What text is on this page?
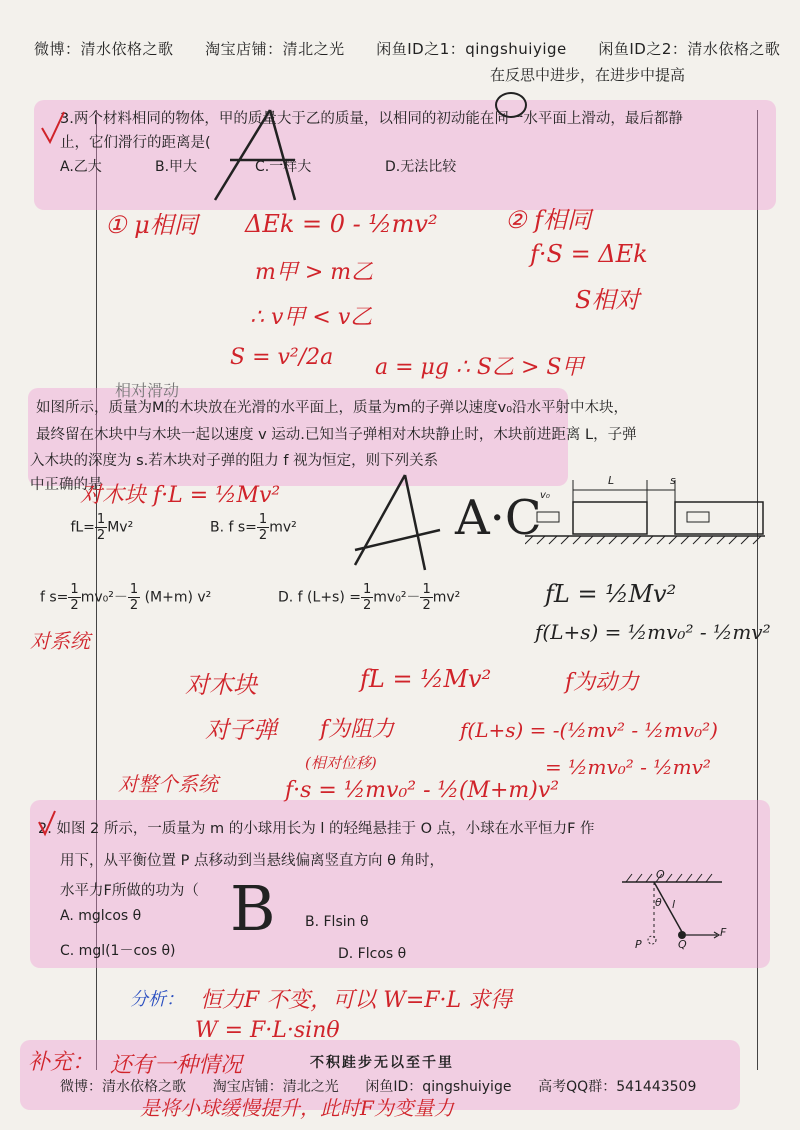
微博：清水依格之歌      淘宝店铺：清北之光      闲鱼ID之1：qingshuiyige      闲鱼ID之2：清水依格之歌
在反思中进步，在进步中提高
3.两个材料相同的物体，甲的质量大于乙的质量，以相同的初动能在同一水平面上滑动，最后都静
止，它们滑行的距离是(
A.乙大	B.甲大	C.一样大	D.无法比较
① μ相同 ΔEk = 0 - ½mv²
m甲 > m乙
∴ v甲 < v乙
S = v²/2a a = μg ∴ S乙 > S甲
② f相同
f·S = ΔEk
S相对
相对滑动
如图所示，质量为M的木块放在光滑的水平面上，质量为m的子弹以速度v₀沿水平射中木块，
最终留在木块中与木块一起以速度 v 运动.已知当子弹相对木块静止时，木块前进距离 L，子弹
入木块的深度为 s.若木块对子弹的阻力 f 视为恒定，则下列关系
中正确的是
对木块 f·L = ½Mv²
$fL= \frac{1}{2} Mv^2$	B. f $s= \frac{1}{2} mv^2$
f $s= \frac{1}{2} mv_0^2- \frac{1}{2} (M+m)$ v²	D. f $(L+s) = \frac{1}{2} mv_0^2- \frac{1}{2} mv^2$
A·C
L	s
v₀
fL = ½Mv²
f(L+s) = ½mv₀² - ½mv²
对系统
对木块	fL = ½Mv²	f为动力
对子弹 f为阻力	f(L+s) = -(½mv² - ½mv₀²)
= ½mv₀² - ½mv²
对整个系统
(相对位移)
f·s = ½mv₀² - ½(M+m)v²
2. 如图 2 所示，一质量为 m 的小球用长为 l 的轻绳悬挂于 O 点，小球在水平恒力F 作
用下，从平衡位置 P 点移动到当悬线偏离竖直方向 θ 角时，
水平力F所做的功为（
A. mglcos θ	B. Flsin θ
C. mgl(1－cos θ)	D. Flcos θ
B	O
θ l
F
P	Q
分析： 恒力F 不变，可以 W=F·L 求得
W = F·L·sinθ
补充： 还有一种情况
是将小球缓慢提升，此时F为变量力
不积跬步无以至千里
微博：清水依格之歌      淘宝店铺：清北之光      闲鱼ID：qingshuiyige      高考QQ群：541443509
